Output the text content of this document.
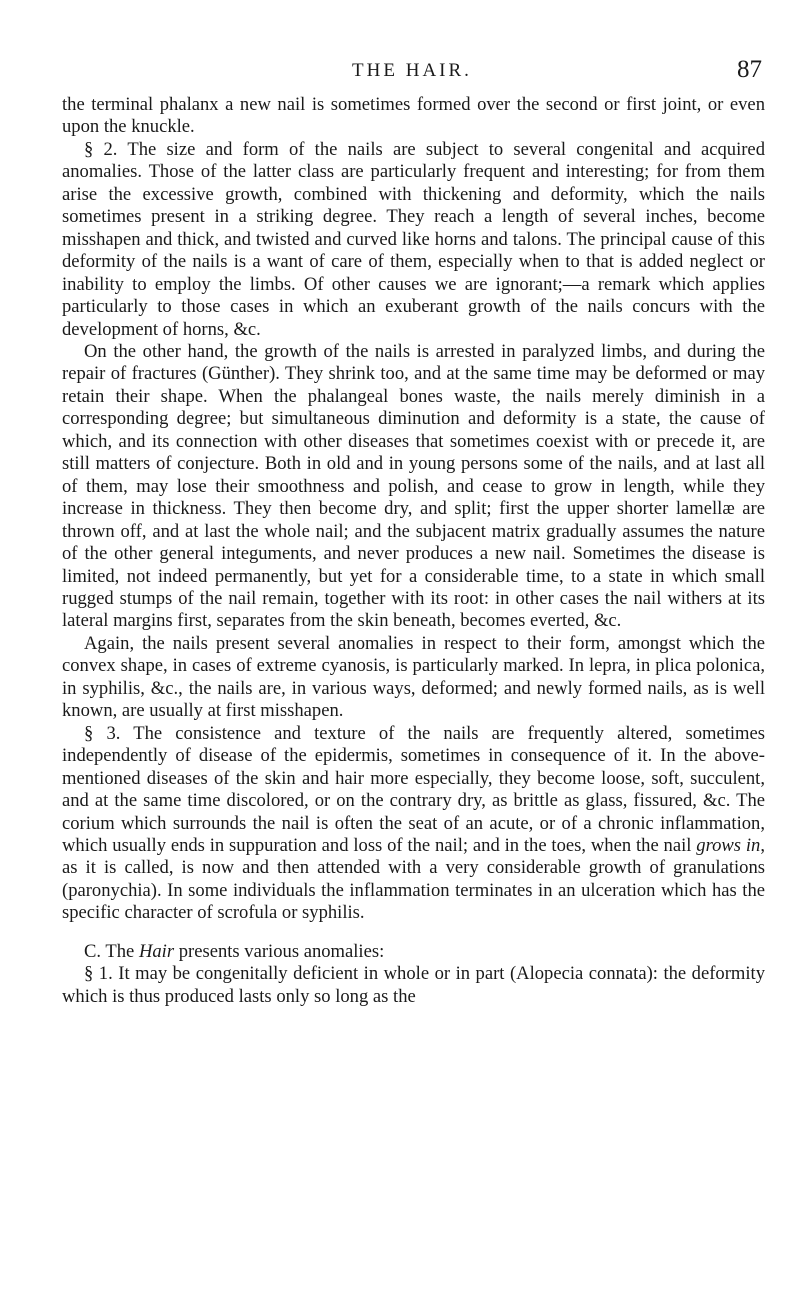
THE HAIR.	87

the terminal phalanx a new nail is sometimes formed over the second or first joint, or even upon the knuckle.

§ 2. The size and form of the nails are subject to several congenital and acquired anomalies. Those of the latter class are particularly frequent and interesting; for from them arise the excessive growth, combined with thickening and deformity, which the nails sometimes present in a striking degree. They reach a length of several inches, become misshapen and thick, and twisted and curved like horns and talons. The principal cause of this deformity of the nails is a want of care of them, especially when to that is added neglect or inability to employ the limbs. Of other causes we are ignorant;—a remark which applies particularly to those cases in which an exuberant growth of the nails concurs with the development of horns, &c.

On the other hand, the growth of the nails is arrested in paralyzed limbs, and during the repair of fractures (Günther). They shrink too, and at the same time may be deformed or may retain their shape. When the phalangeal bones waste, the nails merely diminish in a corresponding degree; but simultaneous diminution and deformity is a state, the cause of which, and its connection with other diseases that sometimes coexist with or precede it, are still matters of conjecture. Both in old and in young persons some of the nails, and at last all of them, may lose their smoothness and polish, and cease to grow in length, while they increase in thickness. They then become dry, and split; first the upper shorter lamellæ are thrown off, and at last the whole nail; and the subjacent matrix gradually assumes the nature of the other general integuments, and never produces a new nail. Sometimes the disease is limited, not indeed permanently, but yet for a considerable time, to a state in which small rugged stumps of the nail remain, together with its root: in other cases the nail withers at its lateral margins first, separates from the skin beneath, becomes everted, &c.

Again, the nails present several anomalies in respect to their form, amongst which the convex shape, in cases of extreme cyanosis, is particularly marked. In lepra, in plica polonica, in syphilis, &c., the nails are, in various ways, deformed; and newly formed nails, as is well known, are usually at first misshapen.

§ 3. The consistence and texture of the nails are frequently altered, sometimes independently of disease of the epidermis, sometimes in consequence of it. In the above-mentioned diseases of the skin and hair more especially, they become loose, soft, succulent, and at the same time discolored, or on the contrary dry, as brittle as glass, fissured, &c. The corium which surrounds the nail is often the seat of an acute, or of a chronic inflammation, which usually ends in suppuration and loss of the nail; and in the toes, when the nail grows in, as it is called, is now and then attended with a very considerable growth of granulations (paronychia). In some individuals the inflammation terminates in an ulceration which has the specific character of scrofula or syphilis.

C. The Hair presents various anomalies:

§ 1. It may be congenitally deficient in whole or in part (Alopecia connata): the deformity which is thus produced lasts only so long as the
